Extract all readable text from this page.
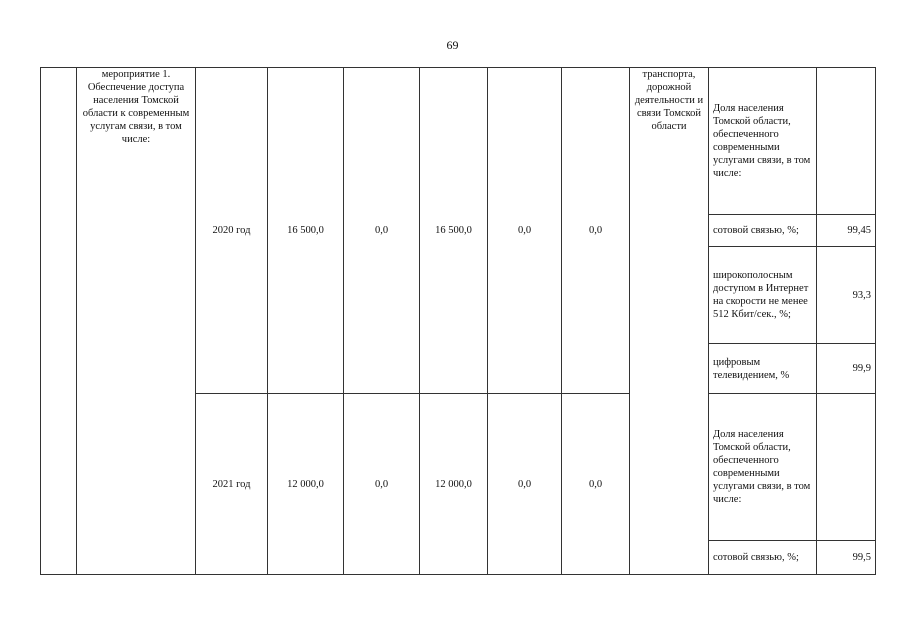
69
	мероприятие 1. Обеспечение доступа населения Томской области к современным услугам связи, в том числе:	2020 год	16 500,0	0,0	16 500,0	0,0	0,0	транспорта, дорожной деятельности и связи Томской области	Доля населения Томской области, обеспеченного современными услугами связи, в том числе:	
									сотовой связью, %;	99,45
									широкополосным доступом в Интернет на скорости не менее 512 Кбит/сек., %;	93,3
									цифровым телевидением, %	99,9
		2021 год	12 000,0	0,0	12 000,0	0,0	0,0		Доля населения Томской области, обеспеченного современными услугами связи, в том числе:	
									сотовой связью, %;	99,5
